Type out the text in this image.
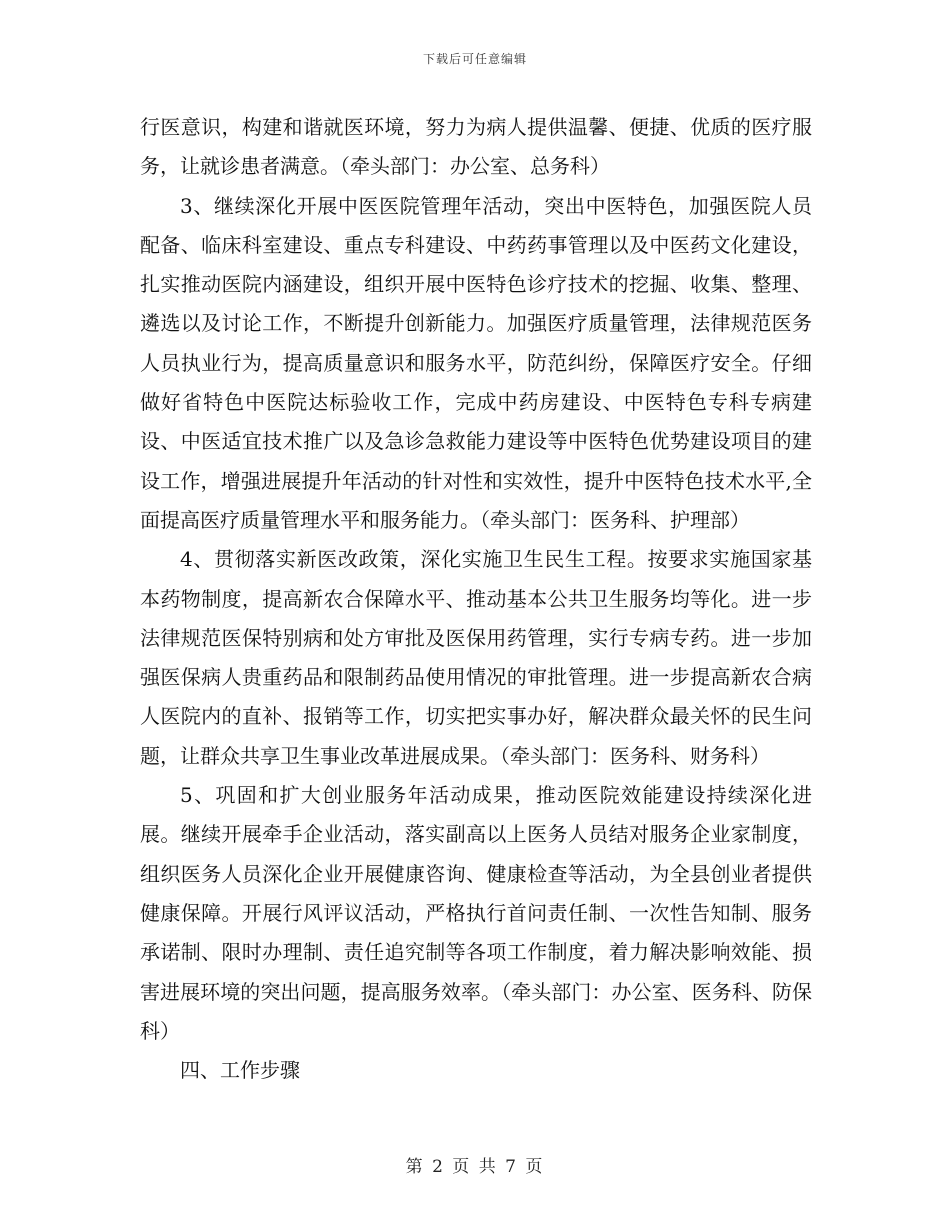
下载后可任意编辑

行医意识，构建和谐就医环境，努力为病人提供温馨、便捷、优质的医疗服务，让就诊患者满意。（牵头部门：办公室、总务科）

3、继续深化开展中医医院管理年活动，突出中医特色，加强医院人员配备、临床科室建设、重点专科建设、中药药事管理以及中医药文化建设，扎实推动医院内涵建设，组织开展中医特色诊疗技术的挖掘、收集、整理、遴选以及讨论工作，不断提升创新能力。加强医疗质量管理，法律规范医务人员执业行为，提高质量意识和服务水平，防范纠纷，保障医疗安全。仔细做好省特色中医院达标验收工作，完成中药房建设、中医特色专科专病建设、中医适宜技术推广以及急诊急救能力建设等中医特色优势建设项目的建设工作，增强进展提升年活动的针对性和实效性，提升中医特色技术水平,全面提高医疗质量管理水平和服务能力。（牵头部门：医务科、护理部）

4、贯彻落实新医改政策，深化实施卫生民生工程。按要求实施国家基本药物制度，提高新农合保障水平、推动基本公共卫生服务均等化。进一步法律规范医保特别病和处方审批及医保用药管理，实行专病专药。进一步加强医保病人贵重药品和限制药品使用情况的审批管理。进一步提高新农合病人医院内的直补、报销等工作，切实把实事办好，解决群众最关怀的民生问题，让群众共享卫生事业改革进展成果。（牵头部门：医务科、财务科）

5、巩固和扩大创业服务年活动成果，推动医院效能建设持续深化进展。继续开展牵手企业活动，落实副高以上医务人员结对服务企业家制度，组织医务人员深化企业开展健康咨询、健康检查等活动，为全县创业者提供健康保障。开展行风评议活动，严格执行首问责任制、一次性告知制、服务承诺制、限时办理制、责任追究制等各项工作制度，着力解决影响效能、损害进展环境的突出问题，提高服务效率。（牵头部门：办公室、医务科、防保科）

四、工作步骤

第 2 页 共 7 页
